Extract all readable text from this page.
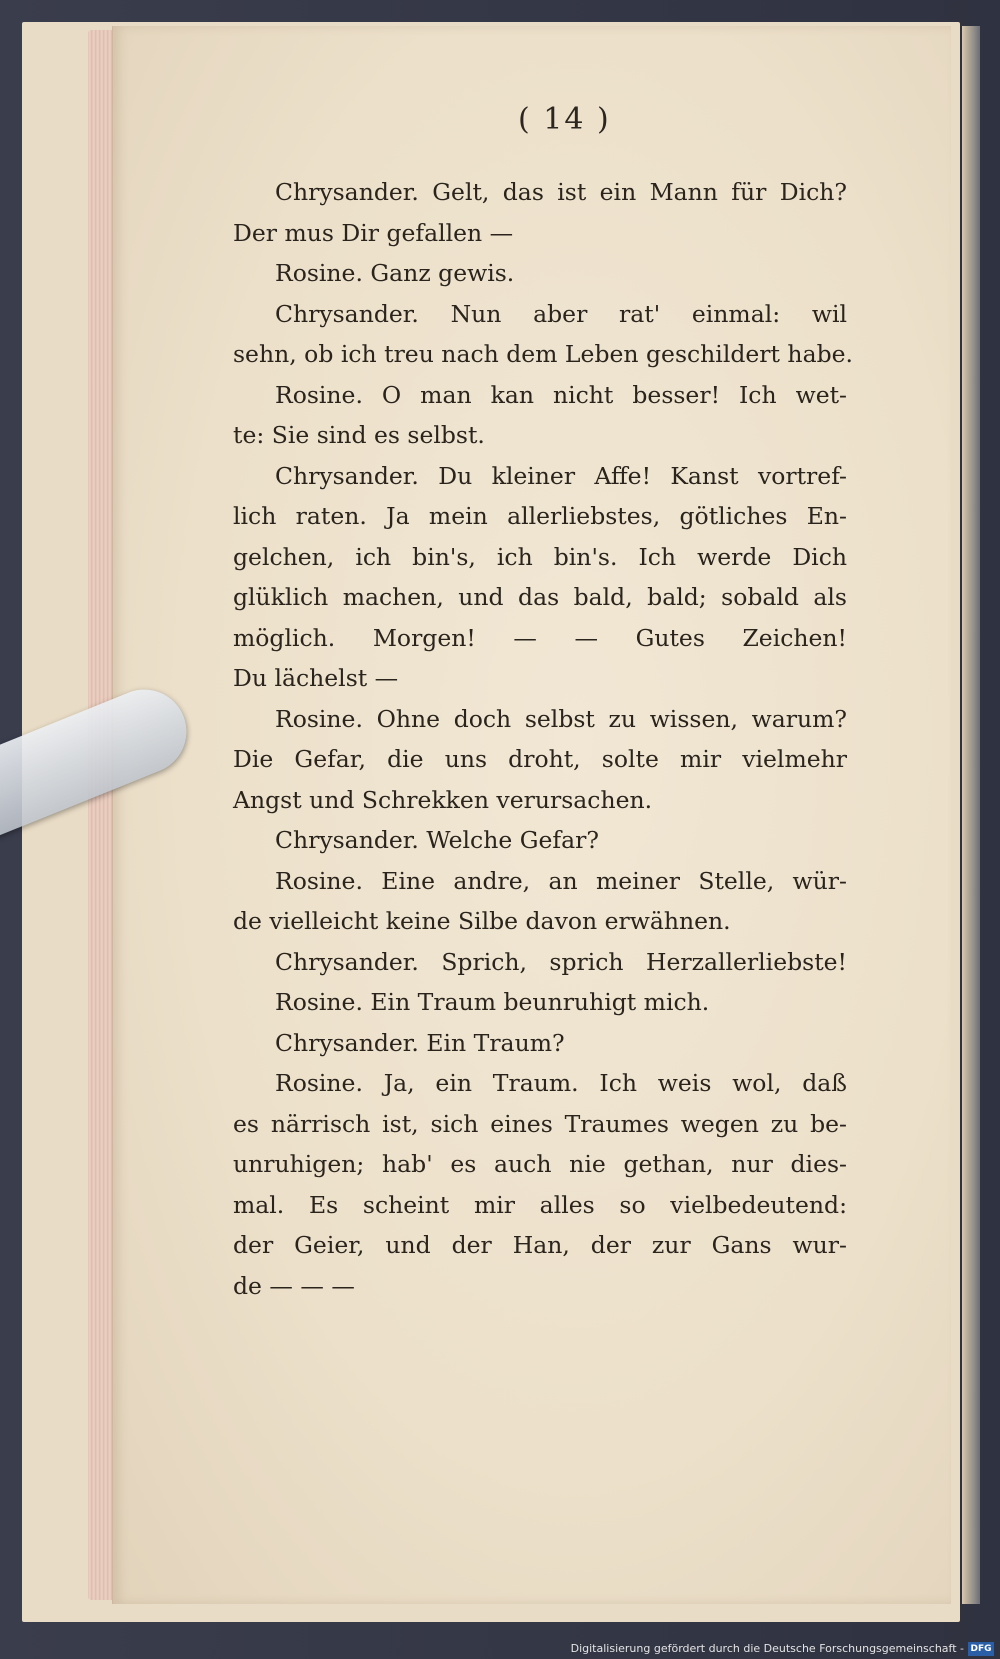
( 14 )
Chrysander. Gelt, das ist ein Mann für Dich?
Der mus Dir gefallen —
Rosine. Ganz gewis.
Chrysander. Nun aber rat' einmal: wil
sehn, ob ich treu nach dem Leben geschildert habe.
Rosine. O man kan nicht besser! Ich wet-
te: Sie sind es selbst.
Chrysander. Du kleiner Affe! Kanst vortref-
lich raten. Ja mein allerliebstes, götliches En-
gelchen, ich bin's, ich bin's. Ich werde Dich
glüklich machen, und das bald, bald; sobald als
möglich. Morgen! — — Gutes Zeichen!
Du lächelst —
Rosine. Ohne doch selbst zu wissen, warum?
Die Gefar, die uns droht, solte mir vielmehr
Angst und Schrekken verursachen.
Chrysander. Welche Gefar?
Rosine. Eine andre, an meiner Stelle, wür-
de vielleicht keine Silbe davon erwähnen.
Chrysander. Sprich, sprich Herzallerliebste!
Rosine. Ein Traum beunruhigt mich.
Chrysander. Ein Traum?
Rosine. Ja, ein Traum. Ich weis wol, daß
es närrisch ist, sich eines Traumes wegen zu be-
unruhigen; hab' es auch nie gethan, nur dies-
mal. Es scheint mir alles so vielbedeutend:
der Geier, und der Han, der zur Gans wur-
de — — —
Digitalisierung gefördert durch die Deutsche Forschungsgemeinschaft - DFG
